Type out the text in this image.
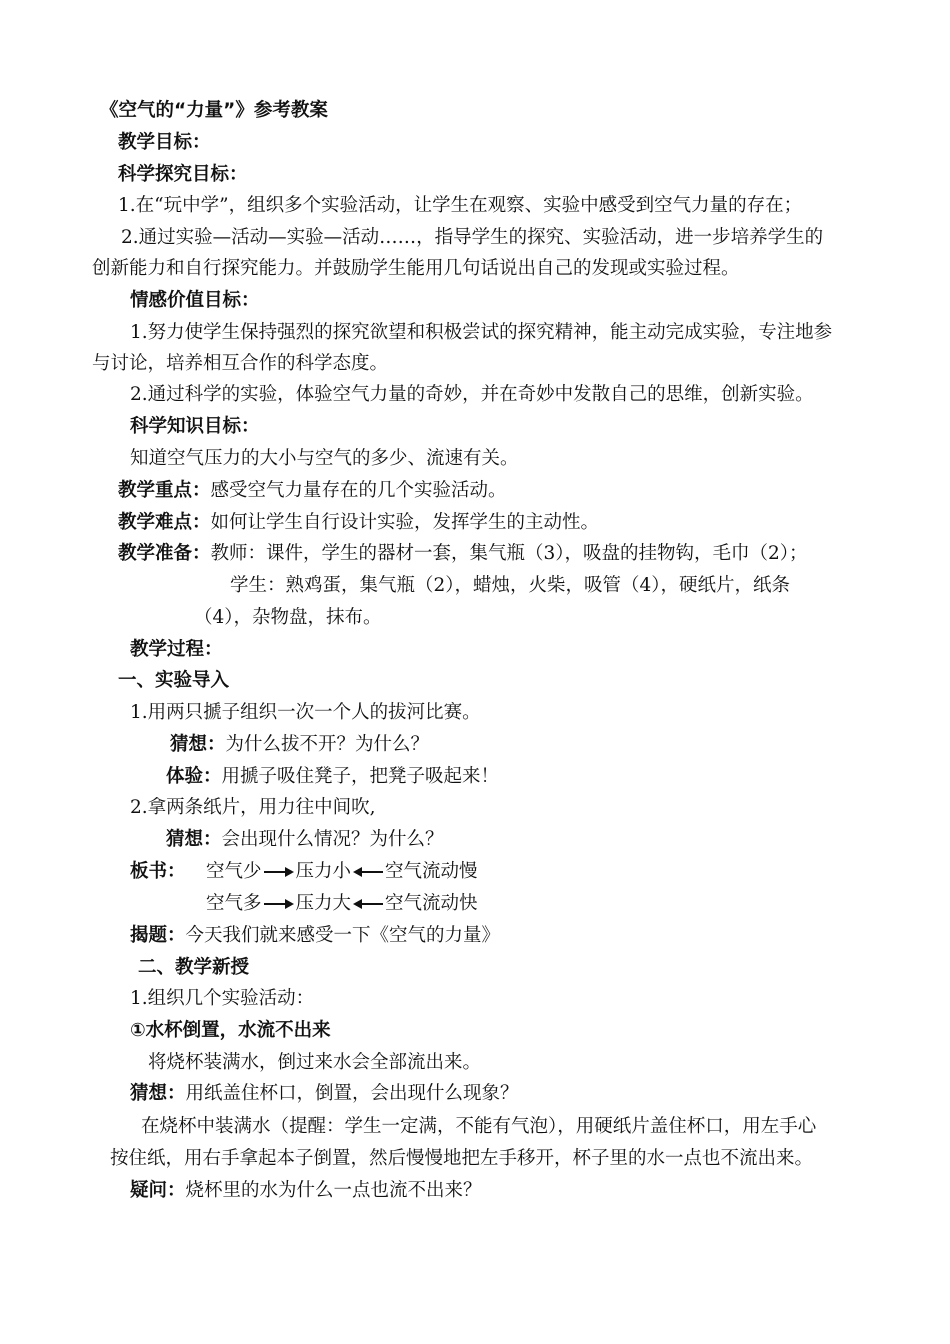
《空气的“力量”》参考教案
教学目标：
科学探究目标：
1.在“玩中学”，组织多个实验活动，让学生在观察、实验中感受到空气力量的存在；
2.通过实验—活动—实验—活动……，指导学生的探究、实验活动，进一步培养学生的
创新能力和自行探究能力。并鼓励学生能用几句话说出自己的发现或实验过程。
情感价值目标：
1.努力使学生保持强烈的探究欲望和积极尝试的探究精神，能主动完成实验，专注地参
与讨论，培养相互合作的科学态度。
2.通过科学的实验，体验空气力量的奇妙，并在奇妙中发散自己的思维，创新实验。
科学知识目标：
知道空气压力的大小与空气的多少、流速有关。
教学重点：感受空气力量存在的几个实验活动。
教学难点：如何让学生自行设计实验，发挥学生的主动性。
教学准备：教师：课件，学生的器材一套，集气瓶（3），吸盘的挂物钩，毛巾（2）；
学生：熟鸡蛋，集气瓶（2），蜡烛，火柴，吸管（4），硬纸片，纸条
（4），杂物盘，抹布。
教学过程：
一、实验导入
1.用两只搋子组织一次一个人的拔河比赛。
猜想：为什么拔不开？为什么？
体验：用搋子吸住凳子，把凳子吸起来！
2.拿两条纸片，用力往中间吹,
猜想：会出现什么情况？为什么？
板书： 空气少 压力小 空气流动慢
空气多 压力大 空气流动快
揭题：今天我们就来感受一下《空气的力量》
二、教学新授
1.组织几个实验活动：
①水杯倒置，水流不出来
将烧杯装满水，倒过来水会全部流出来。
猜想：用纸盖住杯口，倒置，会出现什么现象？
在烧杯中装满水（提醒：学生一定满，不能有气泡），用硬纸片盖住杯口，用左手心
按住纸，用右手拿起本子倒置，然后慢慢地把左手移开，杯子里的水一点也不流出来。
疑问：烧杯里的水为什么一点也流不出来？
